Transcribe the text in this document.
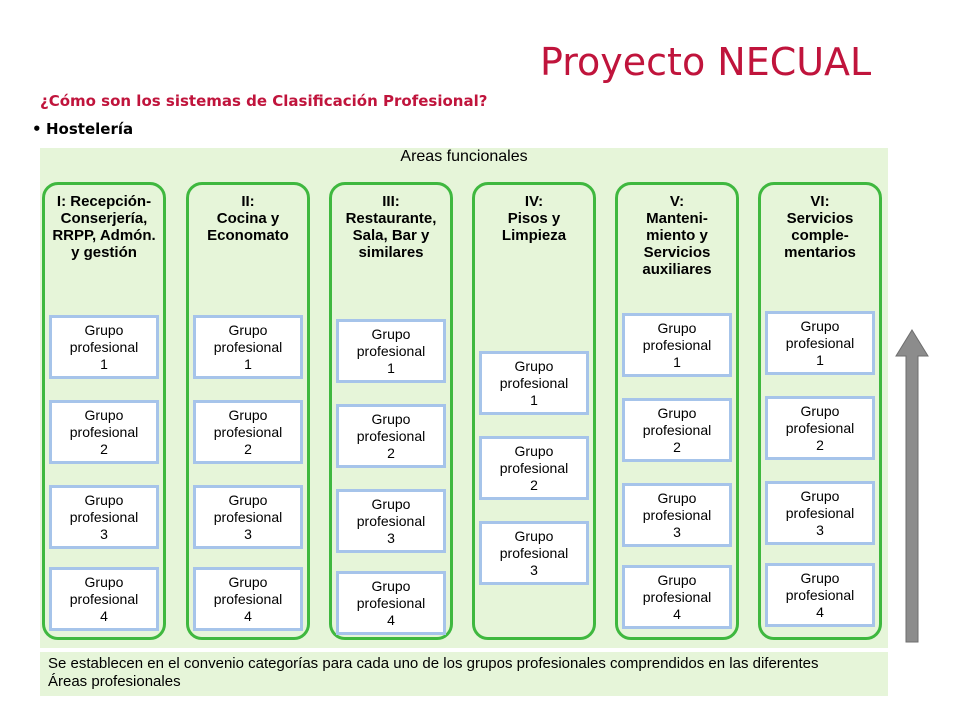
Proyecto NECUAL
¿Cómo son los sistemas de Clasificación Profesional?
• Hostelería
Areas funcionales
I: Recepción-
Conserjería,
RRPP, Admón.
y gestión
Grupo
profesional
1
Grupo
profesional
2
Grupo
profesional
3
Grupo
profesional
4
II:
Cocina y
Economato
Grupo
profesional
1
Grupo
profesional
2
Grupo
profesional
3
Grupo
profesional
4
III:
Restaurante,
Sala, Bar y
similares
Grupo
profesional
1
Grupo
profesional
2
Grupo
profesional
3
Grupo
profesional
4
IV:
Pisos y
Limpieza
Grupo
profesional
1
Grupo
profesional
2
Grupo
profesional
3
V:
Manteni-
miento y
Servicios
auxiliares
Grupo
profesional
1
Grupo
profesional
2
Grupo
profesional
3
Grupo
profesional
4
VI:
Servicios
comple-
mentarios
Grupo
profesional
1
Grupo
profesional
2
Grupo
profesional
3
Grupo
profesional
4
Se establecen en el convenio categorías para cada uno de los grupos profesionales comprendidos en las diferentes
Áreas profesionales
